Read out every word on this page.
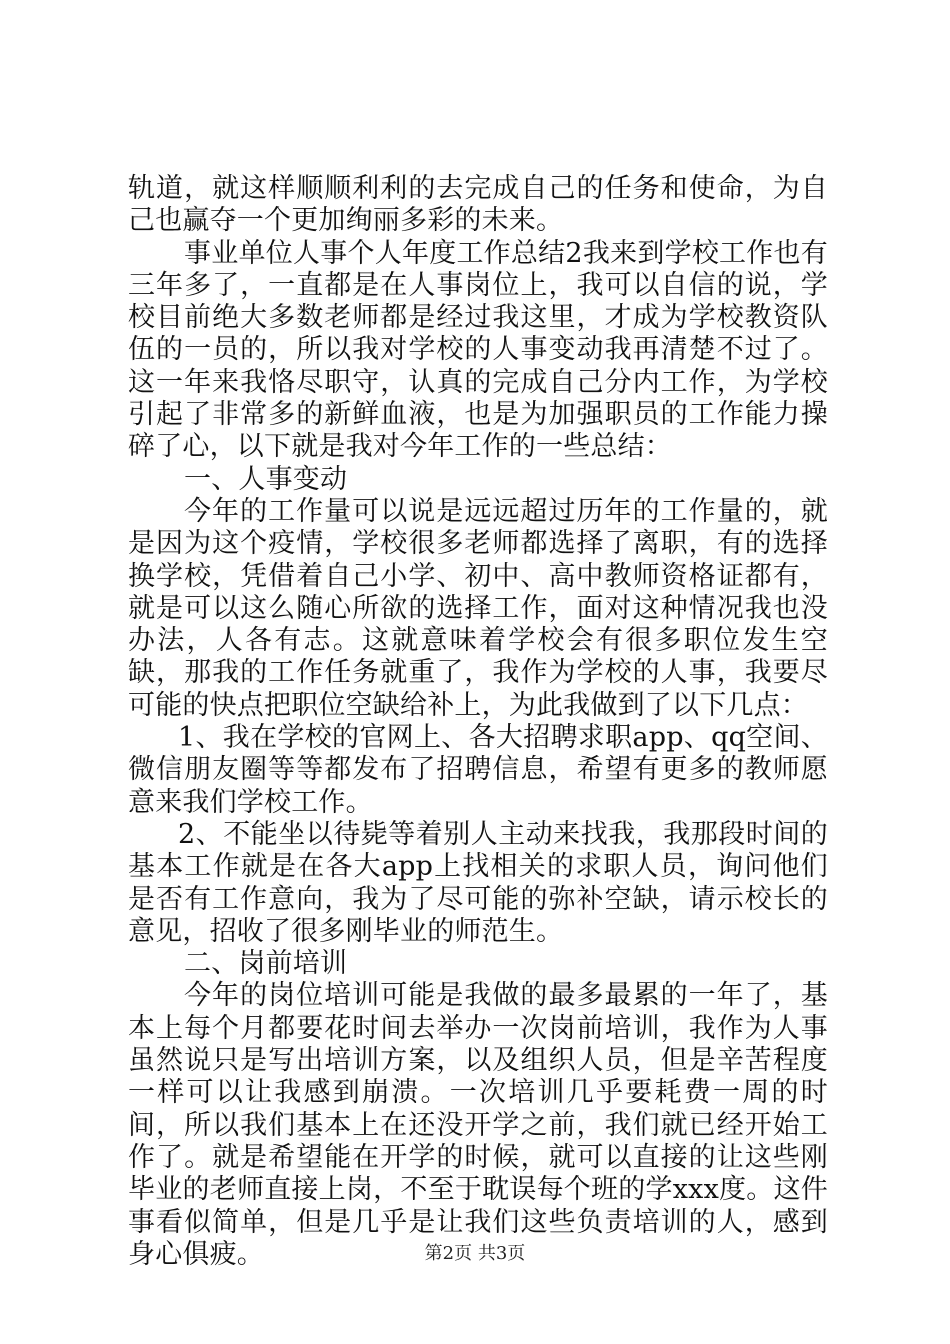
轨道，就这样顺顺利利的去完成自己的任务和使命，为自己也赢夺一个更加绚丽多彩的未来。

事业单位人事个人年度工作总结2我来到学校工作也有三年多了，一直都是在人事岗位上，我可以自信的说，学校目前绝大多数老师都是经过我这里，才成为学校教资队伍的一员的，所以我对学校的人事变动我再清楚不过了。这一年来我恪尽职守，认真的完成自己分内工作，为学校引起了非常多的新鲜血液，也是为加强职员的工作能力操碎了心，以下就是我对今年工作的一些总结：

一、人事变动

今年的工作量可以说是远远超过历年的工作量的，就是因为这个疫情，学校很多老师都选择了离职，有的选择换学校，凭借着自己小学、初中、高中教师资格证都有，就是可以这么随心所欲的选择工作，面对这种情况我也没办法，人各有志。这就意味着学校会有很多职位发生空缺，那我的工作任务就重了，我作为学校的人事，我要尽可能的快点把职位空缺给补上，为此我做到了以下几点：

1、我在学校的官网上、各大招聘求职app、qq空间、微信朋友圈等等都发布了招聘信息，希望有更多的教师愿意来我们学校工作。

2、不能坐以待毙等着别人主动来找我，我那段时间的基本工作就是在各大app上找相关的求职人员，询问他们是否有工作意向，我为了尽可能的弥补空缺，请示校长的意见，招收了很多刚毕业的师范生。

二、岗前培训

今年的岗位培训可能是我做的最多最累的一年了，基本上每个月都要花时间去举办一次岗前培训，我作为人事虽然说只是写出培训方案，以及组织人员，但是辛苦程度一样可以让我感到崩溃。一次培训几乎要耗费一周的时间，所以我们基本上在还没开学之前，我们就已经开始工作了。就是希望能在开学的时候，就可以直接的让这些刚毕业的老师直接上岗，不至于耽误每个班的学xxx度。这件事看似简单，但是几乎是让我们这些负责培训的人，感到身心俱疲。	第2页 共3页
